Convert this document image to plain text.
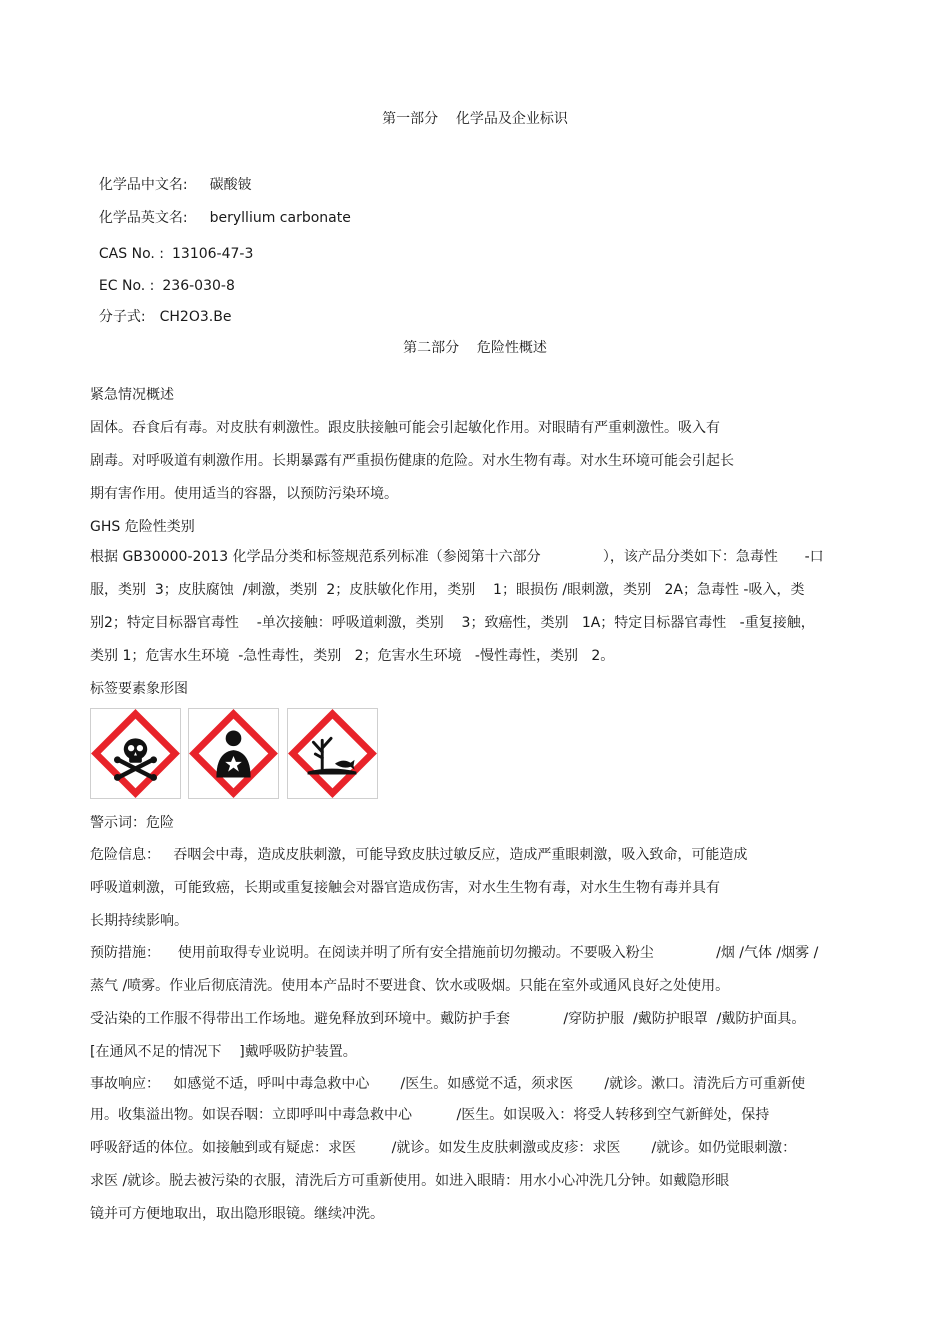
第一部分    化学品及企业标识

化学品中文名: 碳酸铍

化学品英文名: beryllium carbonate

CAS No. : 13106-47-3

EC No. : 236-030-8

分子式: CH2O3.Be

第二部分    危险性概述
紧急情况概述
固体。吞食后有毒。对皮肤有刺激性。跟皮肤接触可能会引起敏化作用。对眼睛有严重刺激性。吸入有
剧毒。对呼吸道有刺激作用。长期暴露有严重损伤健康的危险。对水生物有毒。对水生环境可能会引起长
期有害作用。使用适当的容器，以预防污染环境。
GHS 危险性类别
根据 GB30000-2013 化学品分类和标签规范系列标准（参阅第十六部分              ），该产品分类如下：急毒性      -口
服，类别  3；皮肤腐蚀  /刺激，类别  2；皮肤敏化作用，类别    1；眼损伤 /眼刺激，类别   2A；急毒性 -吸入，类
别2；特定目标器官毒性    -单次接触：呼吸道刺激，类别    3；致癌性，类别   1A；特定目标器官毒性   -重复接触，
类别 1；危害水生环境  -急性毒性，类别   2；危害水生环境   -慢性毒性，类别   2。
标签要素象形图
警示词：危险
危险信息：   吞咽会中毒，造成皮肤刺激，可能导致皮肤过敏反应，造成严重眼刺激，吸入致命，可能造成
呼吸道刺激，可能致癌，长期或重复接触会对器官造成伤害，对水生生物有毒，对水生生物有毒并具有
长期持续影响。
预防措施：    使用前取得专业说明。在阅读并明了所有安全措施前切勿搬动。不要吸入粉尘              /烟 /气体 /烟雾 /
蒸气 /喷雾。作业后彻底清洗。使用本产品时不要进食、饮水或吸烟。只能在室外或通风良好之处使用。
受沾染的工作服不得带出工作场地。避免释放到环境中。戴防护手套            /穿防护服  /戴防护眼罩  /戴防护面具。
[在通风不足的情况下    ]戴呼吸防护装置。
事故响应：   如感觉不适，呼叫中毒急救中心       /医生。如感觉不适，须求医       /就诊。漱口。清洗后方可重新使
用。收集溢出物。如误吞咽：立即呼叫中毒急救中心          /医生。如误吸入：将受人转移到空气新鲜处，保持
呼吸舒适的体位。如接触到或有疑虑：求医        /就诊。如发生皮肤刺激或皮疹：求医       /就诊。如仍觉眼刺激：
求医 /就诊。脱去被污染的衣服，清洗后方可重新使用。如进入眼睛：用水小心冲洗几分钟。如戴隐形眼
镜并可方便地取出，取出隐形眼镜。继续冲洗。
